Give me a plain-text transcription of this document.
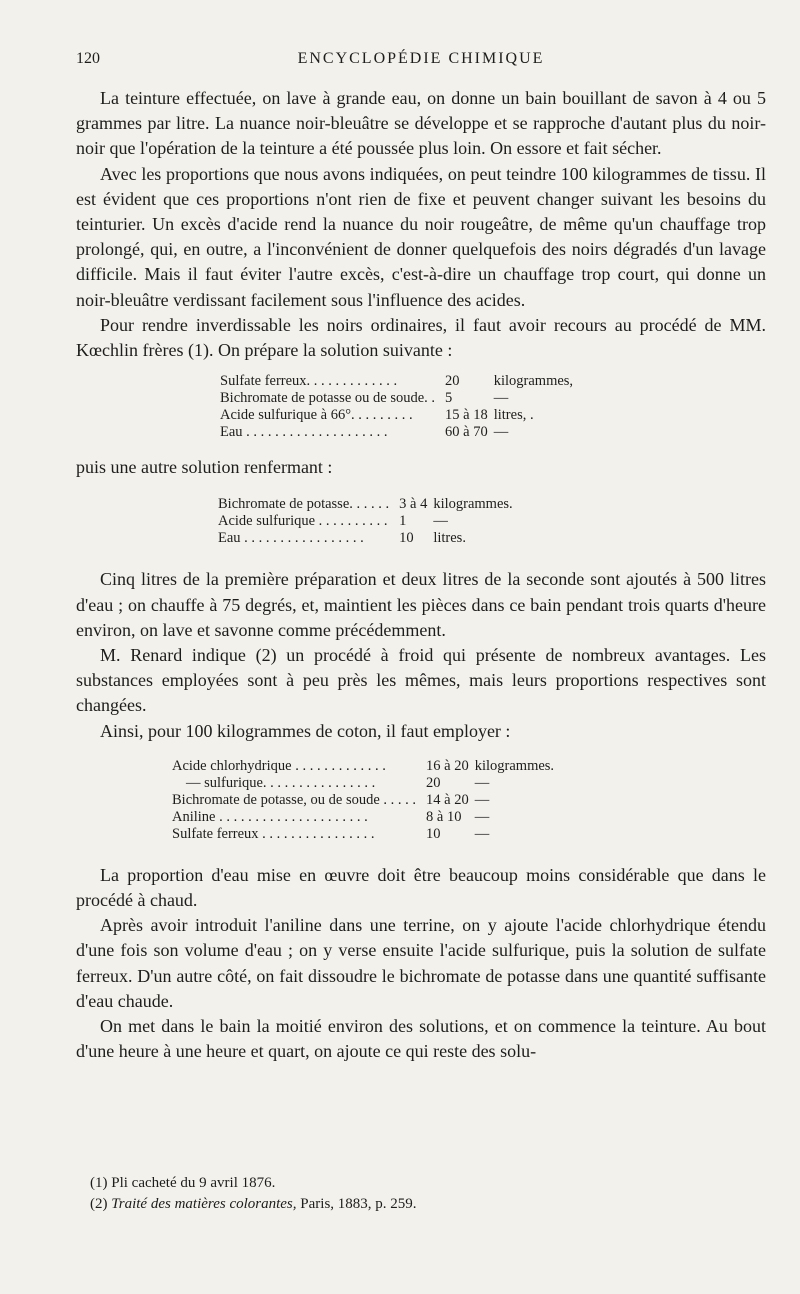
120	ENCYCLOPÉDIE CHIMIQUE

La teinture effectuée, on lave à grande eau, on donne un bain bouillant de savon à 4 ou 5 grammes par litre. La nuance noir-bleuâtre se développe et se rapproche d'autant plus du noir-noir que l'opération de la teinture a été poussée plus loin. On essore et fait sécher.

Avec les proportions que nous avons indiquées, on peut teindre 100 kilogrammes de tissu. Il est évident que ces proportions n'ont rien de fixe et peuvent changer suivant les besoins du teinturier. Un excès d'acide rend la nuance du noir rougeâtre, de même qu'un chauffage trop prolongé, qui, en outre, a l'inconvénient de donner quelquefois des noirs dégradés d'un lavage difficile. Mais il faut éviter l'autre excès, c'est-à-dire un chauffage trop court, qui donne un noir-bleuâtre verdissant facilement sous l'influence des acides.

Pour rendre inverdissable les noirs ordinaires, il faut avoir recours au procédé de MM. Kœchlin frères (1). On prépare la solution suivante :

Sulfate ferreux. . . . . . . . . . . . .	20	kilogrammes,
Bichromate de potasse ou de soude. .	5	—
Acide sulfurique à 66°. . . . . . . . .	15 à 18	litres, .
Eau . . . . . . . . . . . . . . . . . . . .	60 à 70	—

puis une autre solution renfermant :

Bichromate de potasse. . . . . .	3 à 4	kilogrammes.
Acide sulfurique . . . . . . . . . .	1	—
Eau . . . . . . . . . . . . . . . . .	10	litres.

Cinq litres de la première préparation et deux litres de la seconde sont ajoutés à 500 litres d'eau ; on chauffe à 75 degrés, et, maintient les pièces dans ce bain pendant trois quarts d'heure environ, on lave et savonne comme précédemment.

M. Renard indique (2) un procédé à froid qui présente de nombreux avantages. Les substances employées sont à peu près les mêmes, mais leurs proportions respectives sont changées.

Ainsi, pour 100 kilogrammes de coton, il faut employer :

Acide chlorhydrique . . . . . . . . . . . . .	16 à 20	kilogrammes.
— sulfurique. . . . . . . . . . . . . . . .	20	—
Bichromate de potasse, ou de soude . . . . .	14 à 20	—
Aniline . . . . . . . . . . . . . . . . . . . . .	8 à 10	—
Sulfate ferreux . . . . . . . . . . . . . . . .	10	—

La proportion d'eau mise en œuvre doit être beaucoup moins considérable que dans le procédé à chaud.

Après avoir introduit l'aniline dans une terrine, on y ajoute l'acide chlorhydrique étendu d'une fois son volume d'eau ; on y verse ensuite l'acide sulfurique, puis la solution de sulfate ferreux. D'un autre côté, on fait dissoudre le bichromate de potasse dans une quantité suffisante d'eau chaude.

On met dans le bain la moitié environ des solutions, et on commence la teinture. Au bout d'une heure à une heure et quart, on ajoute ce qui reste des solu-

(1) Pli cacheté du 9 avril 1876.
(2) Traité des matières colorantes, Paris, 1883, p. 259.
